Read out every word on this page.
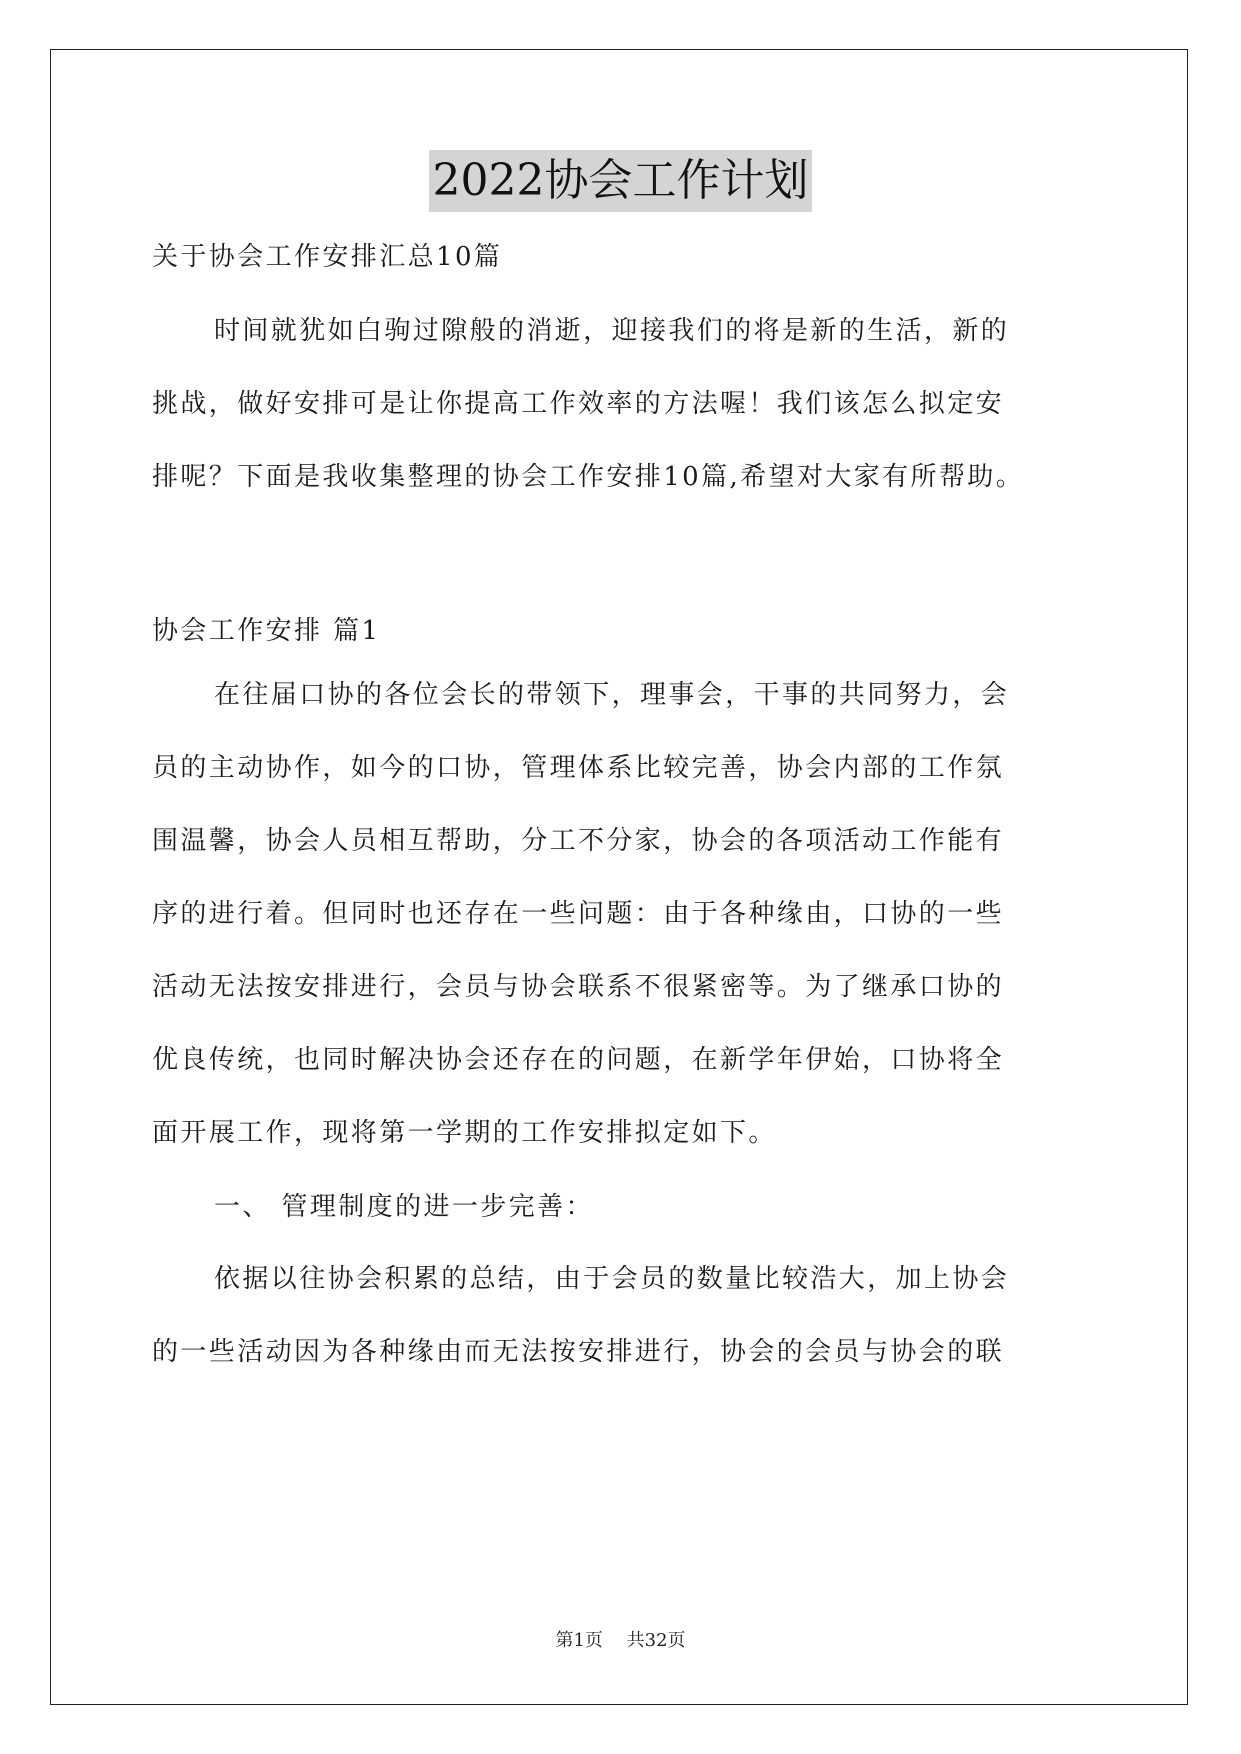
2022协会工作计划
关于协会工作安排汇总10篇
时间就犹如白驹过隙般的消逝，迎接我们的将是新的生活，新的
挑战，做好安排可是让你提高工作效率的方法喔！我们该怎么拟定安
排呢？下面是我收集整理的协会工作安排10篇,希望对大家有所帮助。
协会工作安排 篇1
在往届口协的各位会长的带领下，理事会，干事的共同努力，会
员的主动协作，如今的口协，管理体系比较完善，协会内部的工作氛
围温馨，协会人员相互帮助，分工不分家，协会的各项活动工作能有
序的进行着。但同时也还存在一些问题：由于各种缘由，口协的一些
活动无法按安排进行，会员与协会联系不很紧密等。为了继承口协的
优良传统，也同时解决协会还存在的问题，在新学年伊始，口协将全
面开展工作，现将第一学期的工作安排拟定如下。
一、 管理制度的进一步完善：
依据以往协会积累的总结，由于会员的数量比较浩大，加上协会
的一些活动因为各种缘由而无法按安排进行，协会的会员与协会的联
第1页 共32页
